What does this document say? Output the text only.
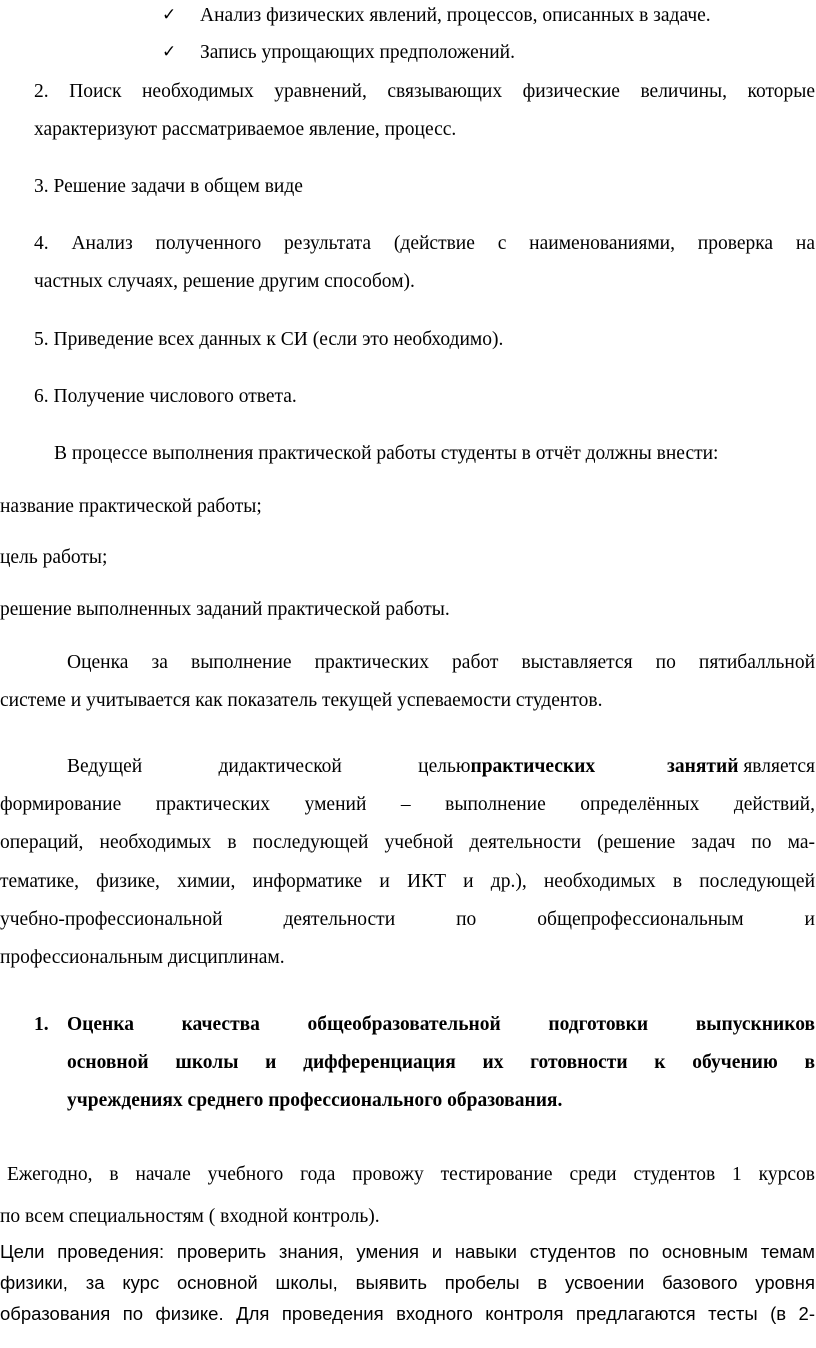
✓ Анализ физических явлений, процессов, описанных в задаче.
✓ Запись упрощающих предположений.
2. Поиск необходимых уравнений, связывающих физические величины, которые
характеризуют рассматриваемое явление, процесс.
3. Решение задачи в общем виде
4. Анализ полученного результата (действие с наименованиями, проверка на
частных случаях, решение другим способом).
5. Приведение всех данных к СИ (если это необходимо).
6. Получение числового ответа.
В процессе выполнения практической работы студенты в отчёт должны внести:
название практической работы;
цель работы;
решение выполненных заданий практической работы.
Оценка за выполнение практических работ выставляется по пятибалльной
системе и учитывается как показатель текущей успеваемости студентов.
Ведущей дидактической целью практических занятий является
формирование практических умений – выполнение определённых действий,
операций, необходимых в последующей учебной деятельности (решение задач по ма-
тематике, физике, химии, информатике и ИКТ и др.), необходимых в последующей
учебно-профессиональной деятельности по общепрофессиональным и
профессиональным дисциплинам.
1. Оценка качества общеобразовательной подготовки выпускников
основной школы и дифференциация их готовности к обучению в
учреждениях среднего профессионального образования.
Ежегодно, в начале учебного года провожу тестирование среди студентов 1 курсов
по всем специальностям ( входной контроль).
Цели проведения: проверить знания, умения и навыки студентов по основным темам
физики, за курс основной школы, выявить пробелы в усвоении базового уровня
образования по физике. Для проведения входного контроля предлагаются тесты (в 2-
